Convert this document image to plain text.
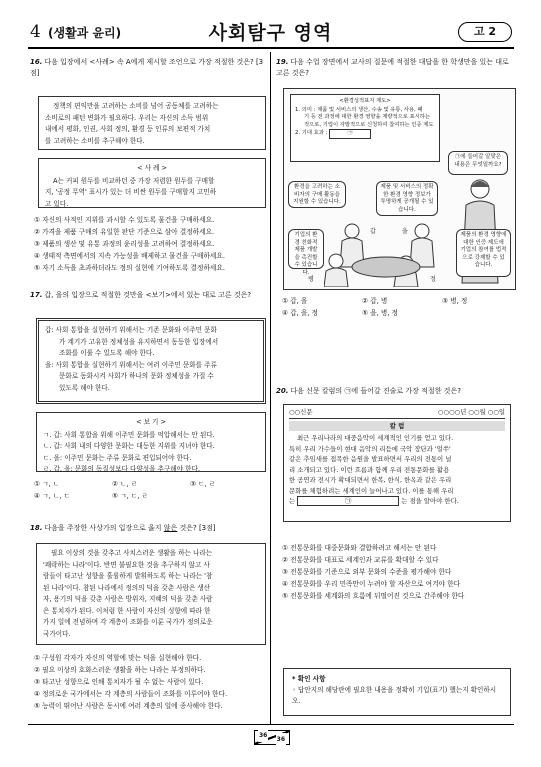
4 (생활과 윤리)	사회탐구 영역	고 2
16. 다음 입장에서 <사례> 속 A에게 제시할 조언으로 가장 적절한 것은? [3점]
정책의 편익만을 고려하는 소비를 넘어 공동체를 고려하는
소비로의 패턴 변화가 필요하다. 우리는 자신의 소득 범위
내에서 평화, 인권, 사회 정의, 환경 등 인류의 보편적 가치
를 고려하는 소비를 추구해야 한다.
< 사 례 >
A는 커피 원두를 비교하던 중 가장 저렴한 원두를 구매할
지, '공정 무역' 표시가 있는 더 비싼 원두를 구매할지 고민하
고 있다.
① 자신의 사적인 지위를 과시할 수 있도록 물건을 구매하세요.
② 가격을 제품 구매의 유일한 판단 기준으로 삼아 결정하세요.
③ 제품의 생산 및 유통 과정의 윤리성을 고려하여 결정하세요.
④ 생태적 측면에서의 지속 가능성을 배제하고 물건을 구매하세요.
⑤ 자기 소득을 초과하더라도 정의 실현에 기여하도록 결정하세요.
17. 갑, 을의 입장으로 적절한 것만을 <보기>에서 있는 대로 고른 것은?
갑: 사회 통합을 실현하기 위해서는 기존 문화와 이주민 문화
가 계기가 고유한 정체성을 유지하면서 동등한 입장에서
조화를 이룰 수 있도록 해야 한다.
을: 사회 통합을 실현하기 위해서는 여러 이주민 문화를 주류
문화로 동화시켜 사회가 하나의 문화 정체성을 가질 수
있도록 해야 한다.
< 보 기 >
ㄱ. 갑: 사회 통합을 위해 이주민 문화를 억압해서는 안 된다.
ㄴ. 갑: 사회 내의 다양한 문화는 대등한 지위를 지녀야 한다.
ㄷ. 을: 이주민 문화는 주류 문화로 편입되어야 한다.
ㄹ. 갑, 을: 문화의 동질성보다 다양성을 추구해야 한다.
① ㄱ, ㄴ	② ㄴ, ㄹ	③ ㄷ, ㄹ
④ ㄱ, ㄴ, ㄷ	⑤ ㄱ, ㄷ, ㄹ
18. 다음을 주장한 사상가의 입장으로 옳지 않은 것은? [3점]
필요 이상의 것을 갖추고 사치스러운 생활을 하는 나라는
'쾌락하는 나라'이다. 반면 불필요한 것을 추구하지 않고 사
람들이 타고난 성향을 훌륭하게 발휘하도록 하는 나라는 '참
된 나라'이다. 참된 나라에서 정의의 덕을 갖춘 사람은 생산
자, 용기의 덕을 갖춘 사람은 방위자, 지혜의 덕을 갖춘 사람
은 통치자가 된다. 이처럼 한 사람이 자신의 성향에 따라 한
가지 일에 전념하며 각 계층이 조화를 이룬 국가가 정의로운
국가이다.
① 구성원 각자가 자신의 역할에 맞는 덕을 실현해야 한다.
② 필요 이상의 호화스러운 생활을 하는 나라는 부정의하다.
③ 타고난 성향으로 인해 통치자가 될 수 없는 사람이 있다.
④ 정의로운 국가에서는 각 계층의 사람들이 조화를 이루어야 한다.
⑤ 능력이 뛰어난 사람은 동시에 여러 계층의 일에 종사해야 한다.
19. 다음 수업 장면에서 교사의 질문에 적절한 대답을 한 학생만을 있는 대로 고른 것은?
<환경성적표지 제도>
1. 의미 : 제품 및 서비스의 생산, 수송 및 유통, 사용, 폐
기 등 전 과정에 대한 환경 영향을 계량적으로 표시하는 것으로, 기업이 자발적으로 신청하여 참여하는 인증 제도
2. 기대 효과 :	㉠
㉠에 들어갈 알맞은 내용은 무엇일까요?
환경을 고려하는 소비자의 구매 활동을 지원할 수 있습니다.
제품 및 서비스의 정확한 환경 영향 정보가 투명하게 공개될 수 있습니다.
기업의 환경 친화적 제품 개발을 촉진할 수 있습니다.
제품의 환경 영향에 대한 인증 제도에 기업의 참여를 법적으로 강제할 수 있습니다.
갑	을
병	정
① 갑, 을	② 갑, 병	③ 병, 정
④ 갑, 을, 정	⑤ 을, 병, 정
20. 다음 신문 칼럼의 ㉠에 들어갈 진술로 가장 적절한 것은?
○○신문	○○○○년 ○○월 ○○일
칼 럼
최근 우리나라의 대중음악이 세계적인 인기를 얻고 있다.
특히 우리 가수들이 현대 음악의 리듬에 국악 장단과 '얼쑤'
같은 추임새를 접목한 음원을 발표하면서 우리의 전통이 널
리 소개되고 있다. 이런 흐름과 함께 우리 전통문화를 활용
한 공연과 전시가 확대되면서 한복, 한식, 한옥과 같은 우리
문화를 체험하려는 세계인이 늘어나고 있다. 이를 통해 우리
는	㉠	는 점을 알아야 한다.
① 전통문화를 대중문화와 결합하려고 해서는 안 된다
② 전통문화를 대표로 세계인과 교류를 확대할 수 있다
③ 전통문화를 기준으로 외부 문화의 수준을 평가해야 한다
④ 전통문화를 우리 민족만이 누려야 할 자산으로 여겨야 한다
⑤ 전통문화를 세계화의 흐름에 뒤떨어진 것으로 간주해야 한다
* 확인 사항
◦ 답안지의 해당란에 필요한 내용을 정확히 기입(표기) 했는지 확인하시오.
36
36
